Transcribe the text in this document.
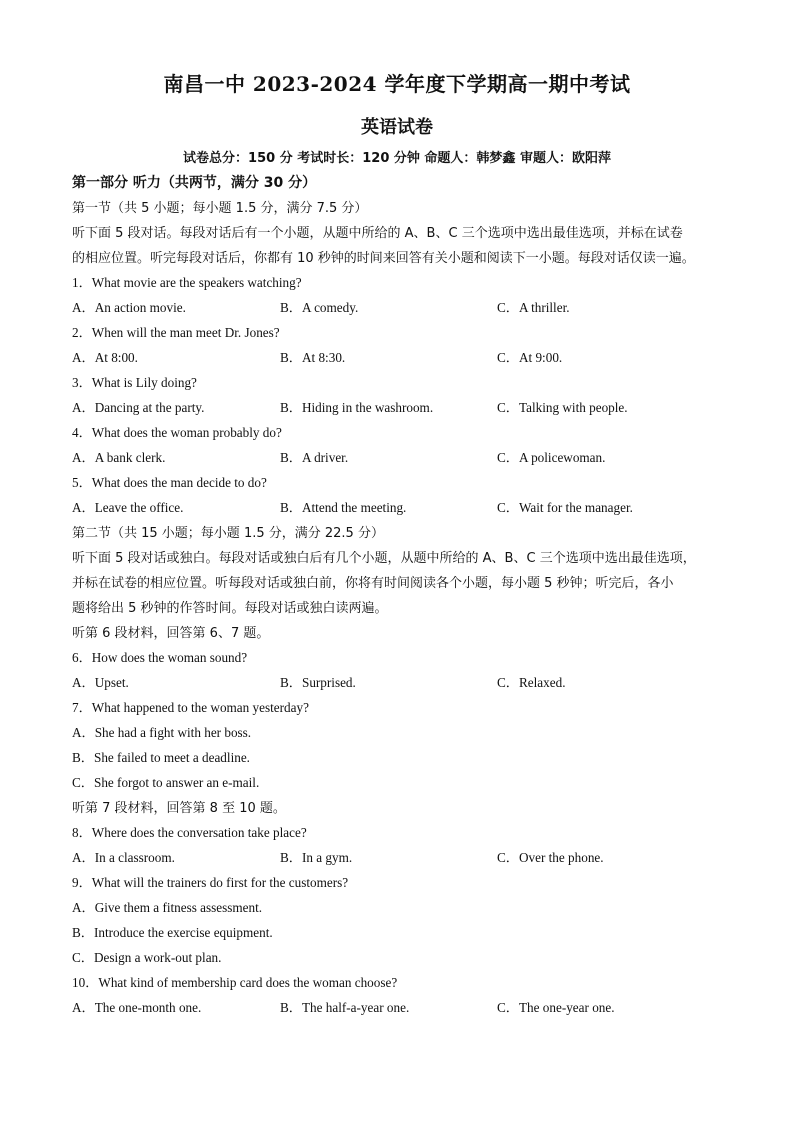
南昌一中 2023-2024 学年度下学期高一期中考试
英语试卷
试卷总分：150 分 考试时长：120 分钟 命题人：韩梦鑫 审题人：欧阳萍
第一部分 听力（共两节，满分 30 分）
第一节（共 5 小题；每小题 1.5 分，满分 7.5 分）
听下面 5 段对话。每段对话后有一个小题，从题中所给的 A、B、C 三个选项中选出最佳选项，并标在试卷
的相应位置。听完每段对话后，你都有 10 秒钟的时间来回答有关小题和阅读下一小题。每段对话仅读一遍。
1．What movie are the speakers watching?
A．An action movie.	B．A comedy.	C．A thriller.
2．When will the man meet Dr. Jones?
A．At 8:00.	B．At 8:30.	C．At 9:00.
3．What is Lily doing?
A．Dancing at the party.	B．Hiding in the washroom.	C．Talking with people.
4．What does the woman probably do?
A．A bank clerk.	B．A driver.	C．A policewoman.
5．What does the man decide to do?
A．Leave the office.	B．Attend the meeting.	C．Wait for the manager.
第二节（共 15 小题；每小题 1.5 分，满分 22.5 分）
听下面 5 段对话或独白。每段对话或独白后有几个小题，从题中所给的 A、B、C 三个选项中选出最佳选项，
并标在试卷的相应位置。听每段对话或独白前，你将有时间阅读各个小题，每小题 5 秒钟；听完后，各小
题将给出 5 秒钟的作答时间。每段对话或独白读两遍。
听第 6 段材料，回答第 6、7 题。
6．How does the woman sound?
A．Upset.	B．Surprised.	C．Relaxed.
7．What happened to the woman yesterday?
A．She had a fight with her boss.
B．She failed to meet a deadline.
C．She forgot to answer an e-mail.
听第 7 段材料，回答第 8 至 10 题。
8．Where does the conversation take place?
A．In a classroom.	B．In a gym.	C．Over the phone.
9．What will the trainers do first for the customers?
A．Give them a fitness assessment.
B．Introduce the exercise equipment.
C．Design a work-out plan.
10．What kind of membership card does the woman choose?
A．The one-month one.	B．The half-a-year one.	C．The one-year one.
